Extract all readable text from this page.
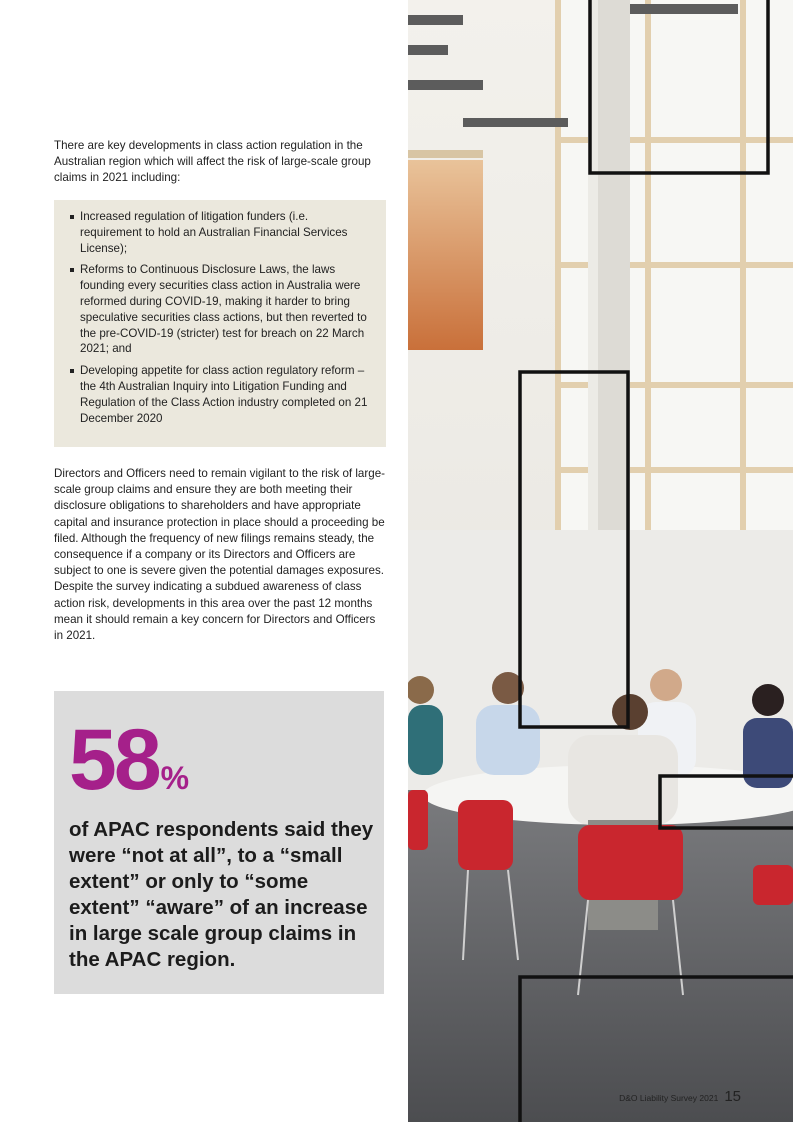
There are key developments in class action regulation in the Australian region which will affect the risk of large-scale group claims in 2021 including:

Increased regulation of litigation funders (i.e. requirement to hold an Australian Financial Services License);
Reforms to Continuous Disclosure Laws, the laws founding every securities class action in Australia were reformed during COVID-19, making it harder to bring speculative securities class actions, but then reverted to the pre-COVID-19 (stricter) test for breach on 22 March 2021; and
Developing appetite for class action regulatory reform – the 4th Australian Inquiry into Litigation Funding and Regulation of the Class Action industry completed on 21 December 2020

Directors and Officers need to remain vigilant to the risk of large-scale group claims and ensure they are both meeting their disclosure obligations to shareholders and have appropriate capital and insurance protection in place should a proceeding be filed. Although the frequency of new filings remains steady, the consequence if a company or its Directors and Officers are subject to one is severe given the potential damages exposures. Despite the survey indicating a subdued awareness of class action risk, developments in this area over the past 12 months mean it should remain a key concern for Directors and Officers in 2021.

58%

of APAC respondents said they were “not at all”, to a “small extent” or only to “some extent” “aware” of an increase in large scale group claims in the APAC region.

D&O Liability Survey 2021 15
